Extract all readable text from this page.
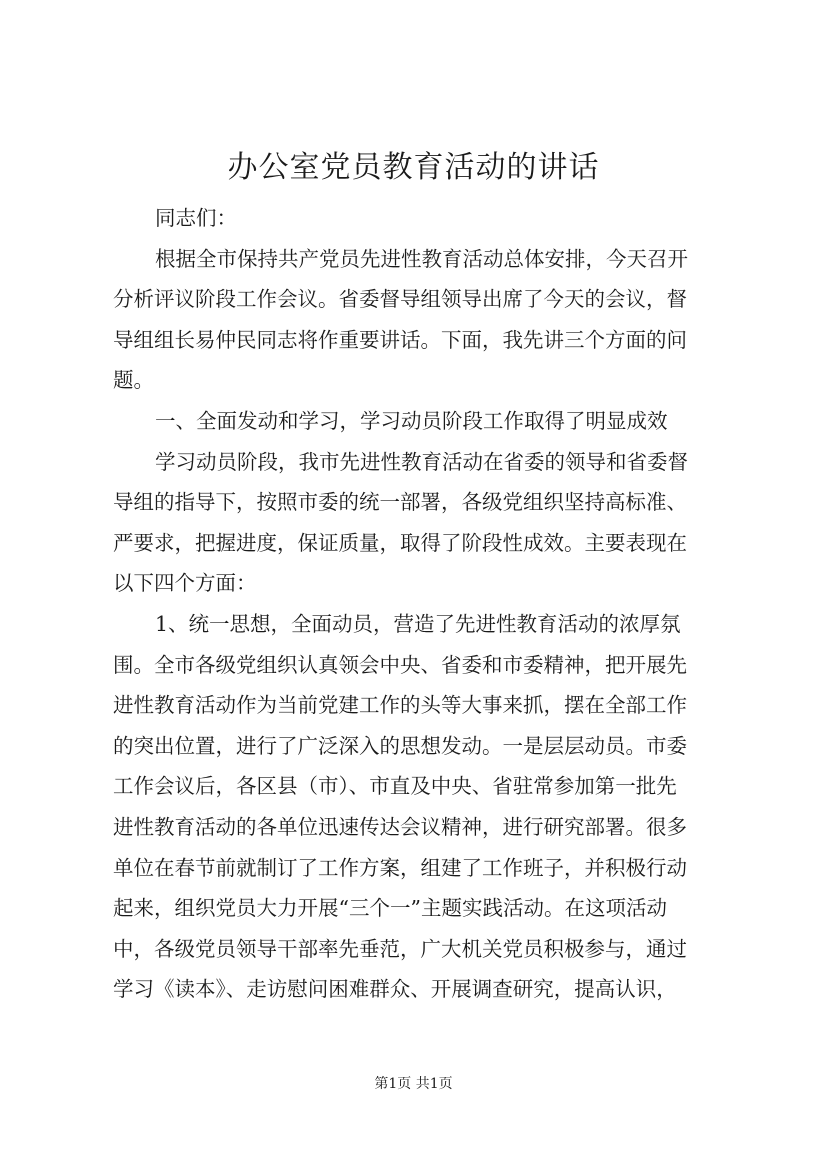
办公室党员教育活动的讲话
同志们：
根据全市保持共产党员先进性教育活动总体安排，今天召开
分析评议阶段工作会议。省委督导组领导出席了今天的会议，督
导组组长易仲民同志将作重要讲话。下面，我先讲三个方面的问
题。
一、全面发动和学习，学习动员阶段工作取得了明显成效
学习动员阶段，我市先进性教育活动在省委的领导和省委督
导组的指导下，按照市委的统一部署，各级党组织坚持高标准、
严要求，把握进度，保证质量，取得了阶段性成效。主要表现在
以下四个方面：
1、统一思想，全面动员，营造了先进性教育活动的浓厚氛
围。全市各级党组织认真领会中央、省委和市委精神，把开展先
进性教育活动作为当前党建工作的头等大事来抓，摆在全部工作
的突出位置，进行了广泛深入的思想发动。一是层层动员。市委
工作会议后，各区县（市）、市直及中央、省驻常参加第一批先
进性教育活动的各单位迅速传达会议精神，进行研究部署。很多
单位在春节前就制订了工作方案，组建了工作班子，并积极行动
起来，组织党员大力开展“三个一”主题实践活动。在这项活动
中，各级党员领导干部率先垂范，广大机关党员积极参与，通过
学习《读本》、走访慰问困难群众、开展调查研究，提高认识，
第1页 共1页
